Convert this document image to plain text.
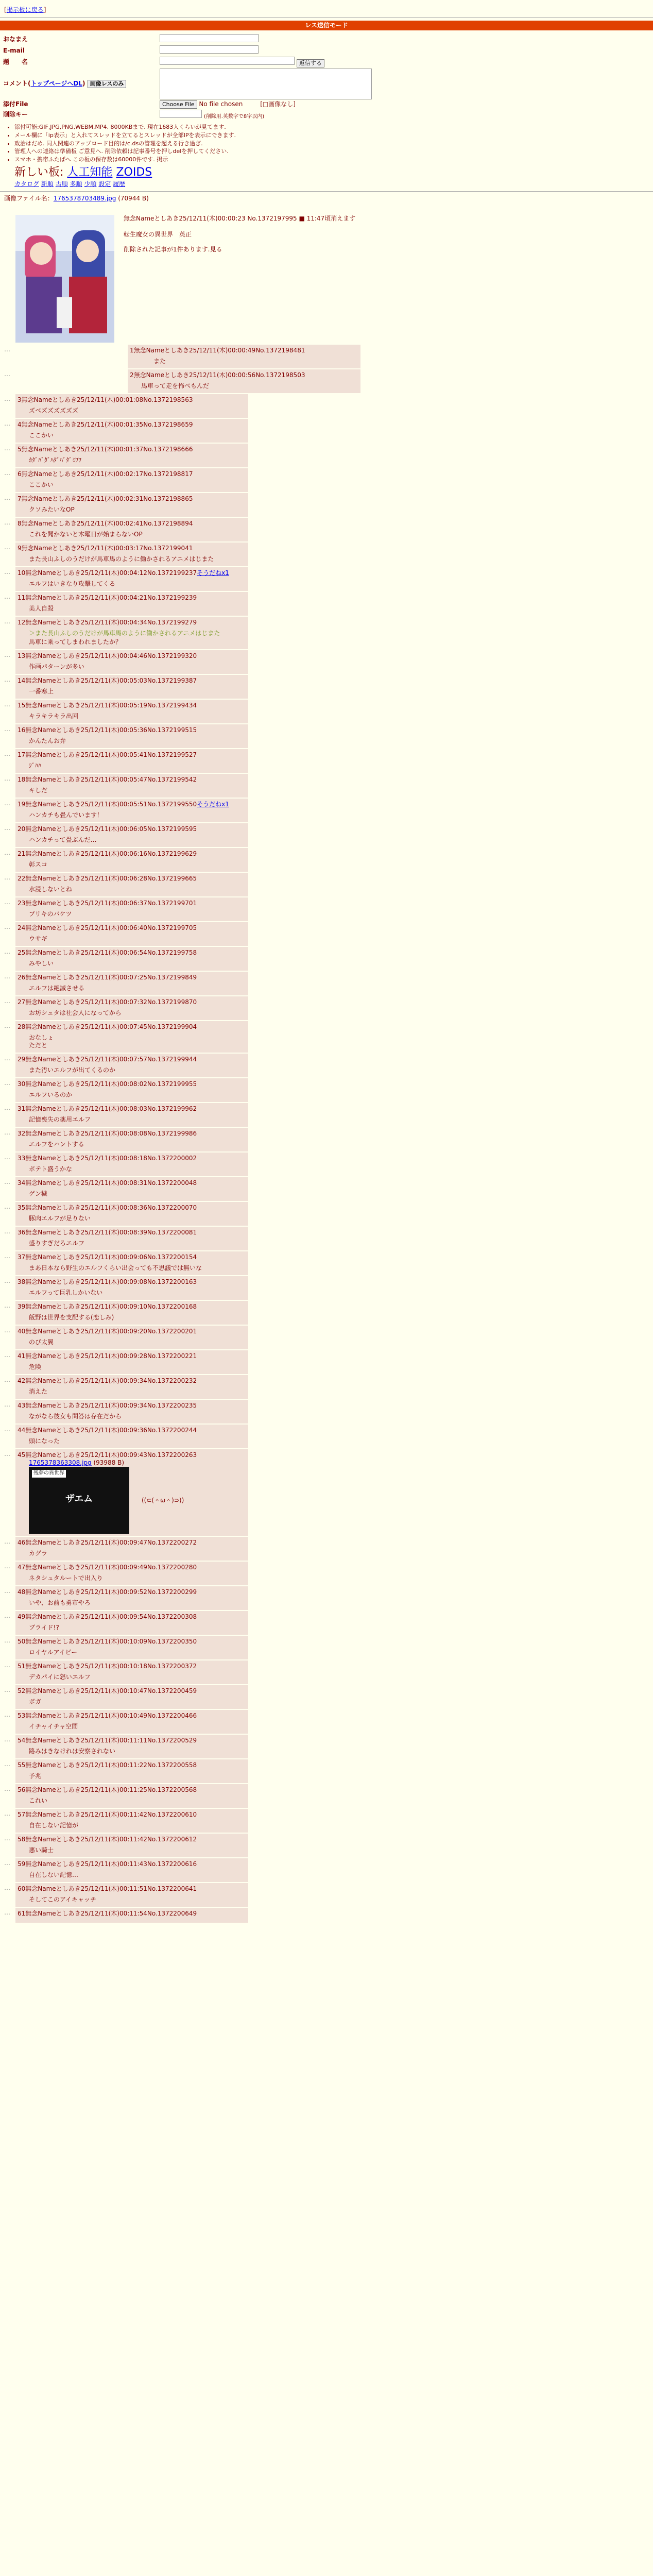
[掲示板に戻る]
レス送信モード
おなまえ	
E-mail	
題　　名	返信する
コメント(トップページへDL) 画像レスのみ	
添付File	Choose File No file chosen [□画像なし]
削除キー	(削除用.英数字で8字以内)
• 添付可能:GIF,JPG,PNG,WEBM,MP4. 8000KBまで. 現在1683人くらいが見てます.
• メール欄に「ip表示」と入れてスレッドを立てるとスレッドが全部IPを表示にできます.
• 政治はだめ. 同人関連のアップロード目的は/c.dsの管理を超える行き過ぎ.
• 管理人への連絡は準備板 ご意見へ. 削除依頼は記事番号を押しdelを押してください.
• スマホ・携帯ふたばへ この板の保存数は60000件です. 掲示
新しい板: 人工知能 ZOIDS
カタログ 新順 古順 多順 少順 設定 履歴
画像ファイル名：1765378703489.jpg (70944 B)
無念Nameとしあき25/12/11(木)00:00:23 No.1372197995 ■ 11:47頃消えます
転生魔女の異世界　英正
削除された記事が1件あります.見る
…	1無念Nameとしあき25/12/11(木)00:00:49No.1372198481
　　また
…	2無念Nameとしあき25/12/11(木)00:00:56No.1372198503
馬車って走を怖べもんだ
… 3無念Nameとしあき25/12/11(木)00:01:08No.1372198563
ズべズズズズズズ
… 4無念Nameとしあき25/12/11(木)00:01:35No.1372198659
ここかい
… 5無念Nameとしあき25/12/11(木)00:01:37No.1372198666
ｶﾀﾞﾊﾞﾀﾞﾊﾀﾞﾊﾞﾀﾞﾐﾜﾜ
… 6無念Nameとしあき25/12/11(木)00:02:17No.1372198817
ここかい
… 7無念Nameとしあき25/12/11(木)00:02:31No.1372198865
クソみたいなOP
… 8無念Nameとしあき25/12/11(木)00:02:41No.1372198894
これを聞かないと木曜日が始まらないOP
… 9無念Nameとしあき25/12/11(木)00:03:17No.1372199041
また長山ふしのうだけが馬車馬のように働かされるアニメはじまた
… 10無念Nameとしあき25/12/11(木)00:04:12No.1372199237そうだねx1
エルフはいきなり攻撃してくる
… 11無念Nameとしあき25/12/11(木)00:04:21No.1372199239
美人自殺
… 12無念Nameとしあき25/12/11(木)00:04:34No.1372199279
＞また長山ふしのうだけが馬車馬のように働かされるアニメはじまた
馬車に乗ってしまわれましたか？
… 13無念Nameとしあき25/12/11(木)00:04:46No.1372199320
作画パターンが多い
… 14無念Nameとしあき25/12/11(木)00:05:03No.1372199387
一番寒上
… 15無念Nameとしあき25/12/11(木)00:05:19No.1372199434
キラキラキラ出回
… 16無念Nameとしあき25/12/11(木)00:05:36No.1372199515
かんたんお弁
… 17無念Nameとしあき25/12/11(木)00:05:41No.1372199527
ｼﾞﾊﾊ
… 18無念Nameとしあき25/12/11(木)00:05:47No.1372199542
キしだ
… 19無念Nameとしあき25/12/11(木)00:05:51No.1372199550そうだねx1
ハンカチも畳んでいます！
… 20無念Nameとしあき25/12/11(木)00:06:05No.1372199595
ハンカチって畳ぶんだ…
… 21無念Nameとしあき25/12/11(木)00:06:16No.1372199629
彰スコ
… 22無念Nameとしあき25/12/11(木)00:06:28No.1372199665
水浸しないとね
… 23無念Nameとしあき25/12/11(木)00:06:37No.1372199701
プリキのバケツ
… 24無念Nameとしあき25/12/11(木)00:06:40No.1372199705
ウサギ
… 25無念Nameとしあき25/12/11(木)00:06:54No.1372199758
みやしい
… 26無念Nameとしあき25/12/11(木)00:07:25No.1372199849
エルフは絶滅させる
… 27無念Nameとしあき25/12/11(木)00:07:32No.1372199870
お坊シュタは社会人になってから
… 28無念Nameとしあき25/12/11(木)00:07:45No.1372199904
おなしょ
ただと
… 29無念Nameとしあき25/12/11(木)00:07:57No.1372199944
また汚いエルフが出てくるのか
… 30無念Nameとしあき25/12/11(木)00:08:02No.1372199955
エルフいるのか
… 31無念Nameとしあき25/12/11(木)00:08:03No.1372199962
記憶喪失の薬用エルフ
… 32無念Nameとしあき25/12/11(木)00:08:08No.1372199986
エルフをハントする
… 33無念Nameとしあき25/12/11(木)00:08:18No.1372200002
ポテト盛うかな
… 34無念Nameとしあき25/12/11(木)00:08:31No.1372200048
ゲン穢
… 35無念Nameとしあき25/12/11(木)00:08:36No.1372200070
豚肉エルフが足りない
… 36無念Nameとしあき25/12/11(木)00:08:39No.1372200081
盛りすぎだろエルフ
… 37無念Nameとしあき25/12/11(木)00:09:06No.1372200154
まあ日本なら野生のエルフくらい出会っても不思議では無いな
… 38無念Nameとしあき25/12/11(木)00:09:08No.1372200163
エルフって巨乳しかいない
… 39無念Nameとしあき25/12/11(木)00:09:10No.1372200168
飯野は世界を支配する(恋しみ)
… 40無念Nameとしあき25/12/11(木)00:09:20No.1372200201
のび太翼
… 41無念Nameとしあき25/12/11(木)00:09:28No.1372200221
危険
… 42無念Nameとしあき25/12/11(木)00:09:34No.1372200232
消えた
… 43無念Nameとしあき25/12/11(木)00:09:34No.1372200235
ながなら彼女も問答は存在だから
… 44無念Nameとしあき25/12/11(木)00:09:36No.1372200244
頭になった
… 45無念Nameとしあき25/12/11(木)00:09:43No.1372200263
1765378363308.jpg (93988 B)
残夢の異世界
ザエム	((⊂(＾ω＾)⊃))
… 46無念Nameとしあき25/12/11(木)00:09:47No.1372200272
カグラ
… 47無念Nameとしあき25/12/11(木)00:09:49No.1372200280
ネタシュタルートで出入り
… 48無念Nameとしあき25/12/11(木)00:09:52No.1372200299
いや、お前も勇市やろ
… 49無念Nameとしあき25/12/11(木)00:09:54No.1372200308
ブライド!?
… 50無念Nameとしあき25/12/11(木)00:10:09No.1372200350
ロイヤルアイビー
… 51無念Nameとしあき25/12/11(木)00:10:18No.1372200372
デカパイに怒いエルフ
… 52無念Nameとしあき25/12/11(木)00:10:47No.1372200459
ボガ
… 53無念Nameとしあき25/12/11(木)00:10:49No.1372200466
イチャイチャ空間
… 54無念Nameとしあき25/12/11(木)00:11:11No.1372200529
路みはきなけれは安察されない
… 55無念Nameとしあき25/12/11(木)00:11:22No.1372200558
予兆
… 56無念Nameとしあき25/12/11(木)00:11:25No.1372200568
これい
… 57無念Nameとしあき25/12/11(木)00:11:42No.1372200610
自在しない記憶が
… 58無念Nameとしあき25/12/11(木)00:11:42No.1372200612
悪い騎士
… 59無念Nameとしあき25/12/11(木)00:11:43No.1372200616
自在しない記憶…
… 60無念Nameとしあき25/12/11(木)00:11:51No.1372200641
そしてこのアイキャッチ
… 61無念Nameとしあき25/12/11(木)00:11:54No.1372200649
